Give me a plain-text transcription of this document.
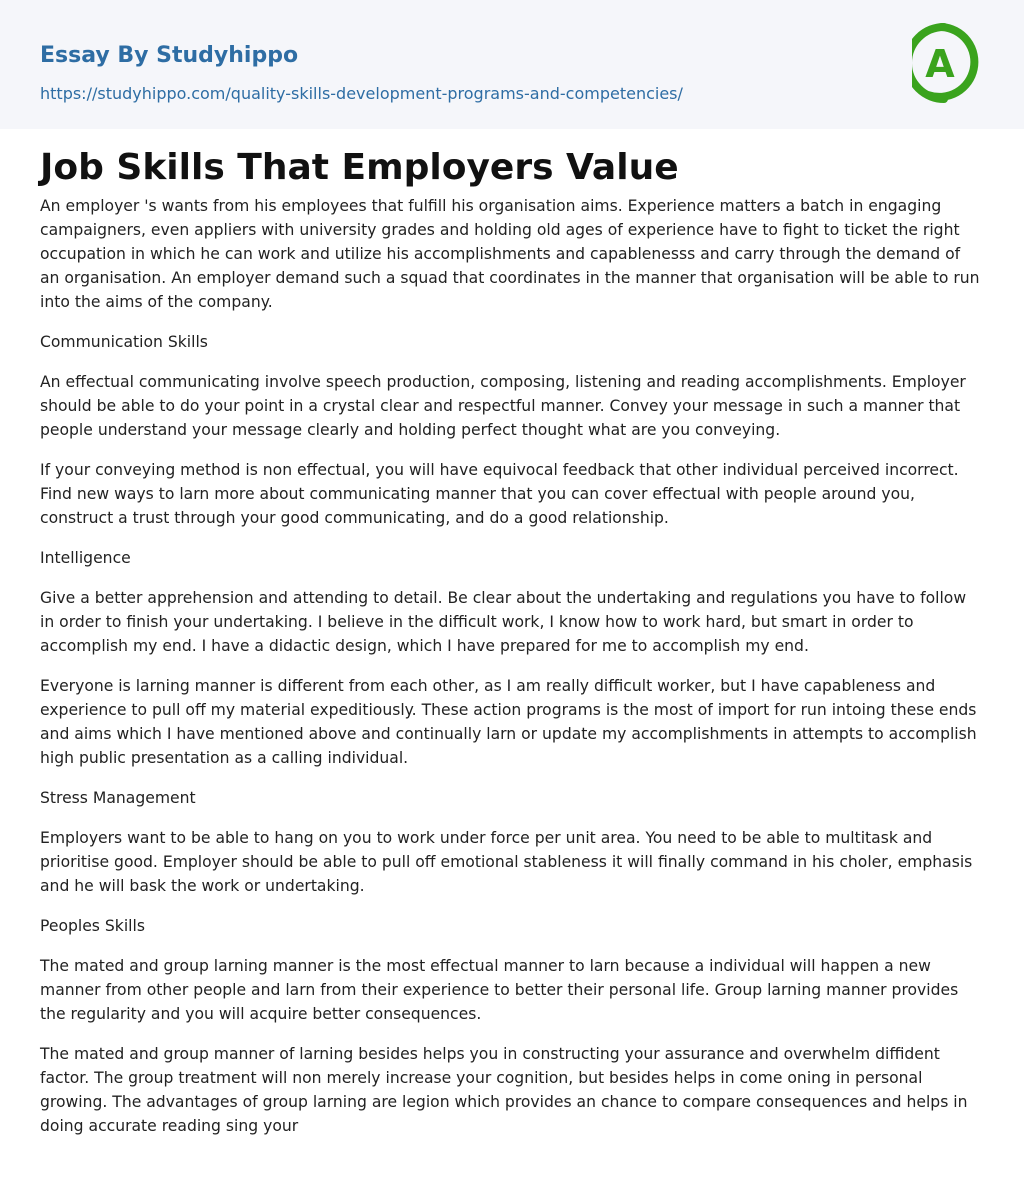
Essay By Studyhippo
https://studyhippo.com/quality-skills-development-programs-and-competencies/
A
Job Skills That Employers Value

An employer 's wants from his employees that fulfill his organisation aims. Experience matters a batch in engaging campaigners, even appliers with university grades and holding old ages of experience have to fight to ticket the right occupation in which he can work and utilize his accomplishments and capablenesss and carry through the demand of an organisation. An employer demand such a squad that coordinates in the manner that organisation will be able to run into the aims of the company.

Communication Skills

An effectual communicating involve speech production, composing, listening and reading accomplishments. Employer should be able to do your point in a crystal clear and respectful manner. Convey your message in such a manner that people understand your message clearly and holding perfect thought what are you conveying.

If your conveying method is non effectual, you will have equivocal feedback that other individual perceived incorrect. Find new ways to larn more about communicating manner that you can cover effectual with people around you, construct a trust through your good communicating, and do a good relationship.

Intelligence

Give a better apprehension and attending to detail. Be clear about the undertaking and regulations you have to follow in order to finish your undertaking. I believe in the difficult work, I know how to work hard, but smart in order to accomplish my end. I have a didactic design, which I have prepared for me to accomplish my end.

Everyone is larning manner is different from each other, as I am really difficult worker, but I have capableness and experience to pull off my material expeditiously. These action programs is the most of import for run intoing these ends and aims which I have mentioned above and continually larn or update my accomplishments in attempts to accomplish high public presentation as a calling individual.

Stress Management

Employers want to be able to hang on you to work under force per unit area. You need to be able to multitask and prioritise good. Employer should be able to pull off emotional stableness it will finally command in his choler, emphasis and he will bask the work or undertaking.

Peoples Skills

The mated and group larning manner is the most effectual manner to larn because a individual will happen a new manner from other people and larn from their experience to better their personal life. Group larning manner provides the regularity and you will acquire better consequences.

The mated and group manner of larning besides helps you in constructing your assurance and overwhelm diffident factor. The group treatment will non merely increase your cognition, but besides helps in come oning in personal growing. The advantages of group larning are legion which provides an chance to compare consequences and helps in doing accurate reading sing your
